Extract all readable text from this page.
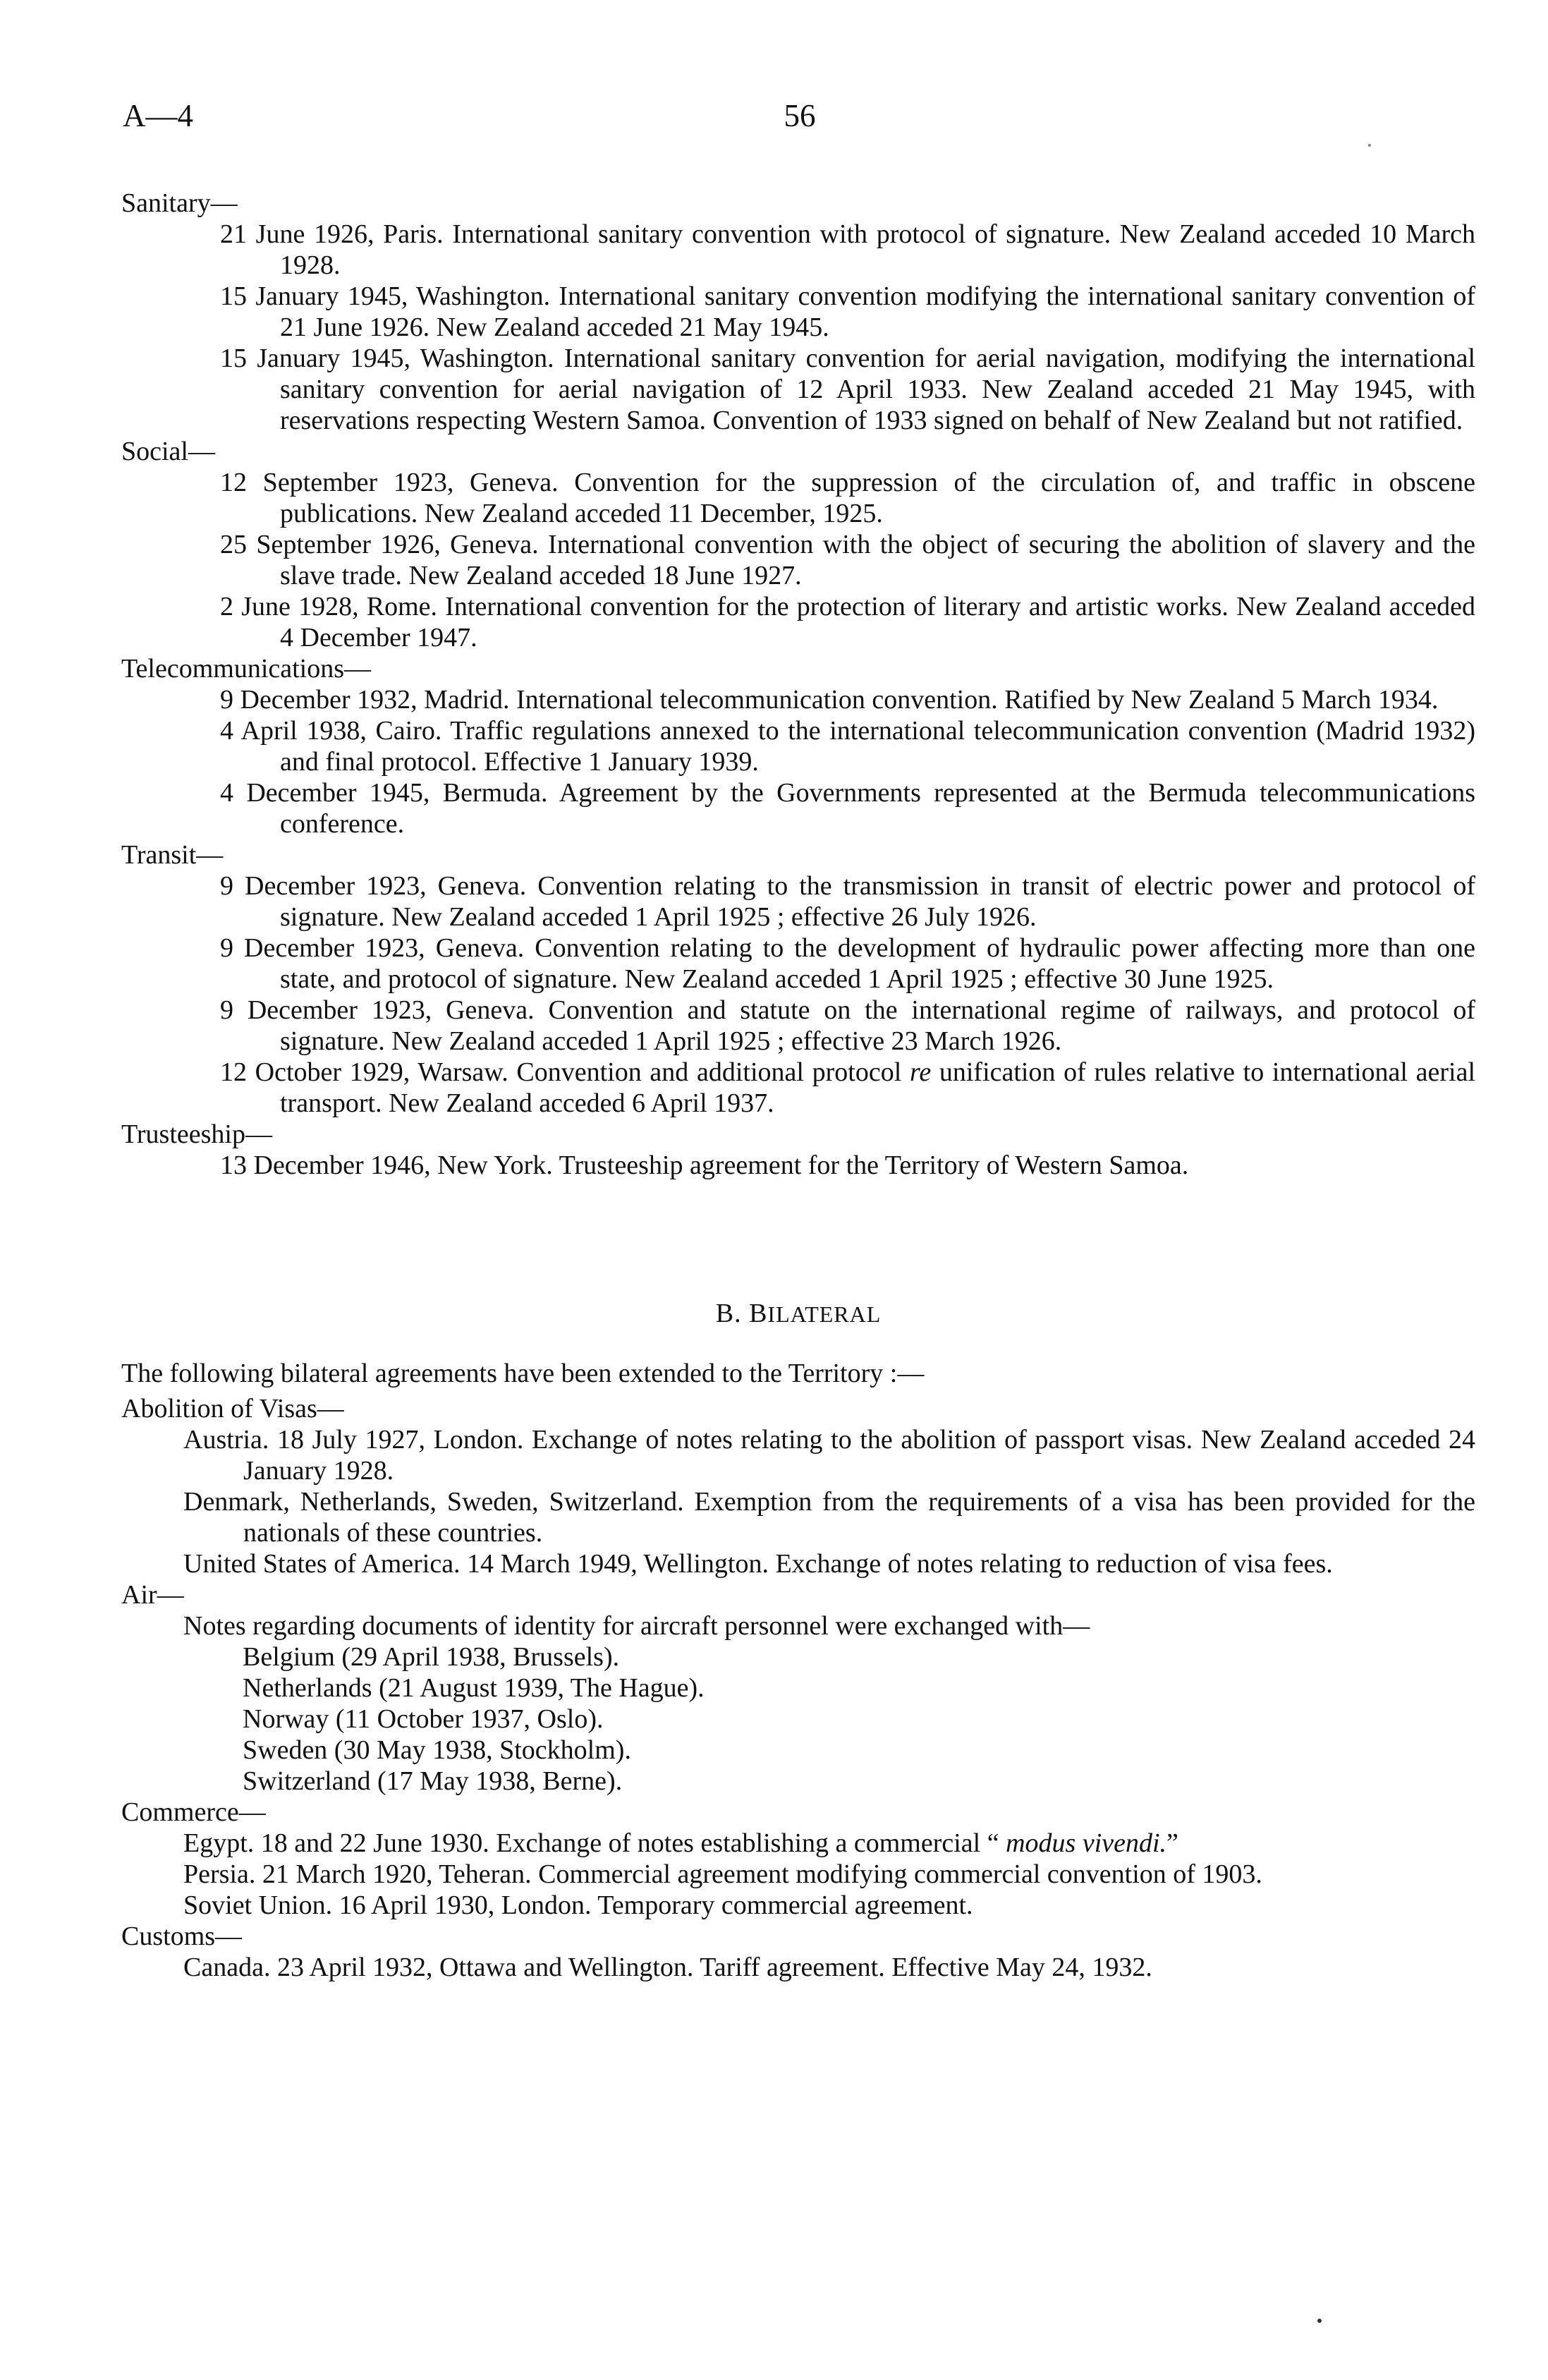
A—4	56

Sanitary—

21 June 1926, Paris. International sanitary convention with protocol of signature. New Zealand acceded 10 March 1928.

15 January 1945, Washington. International sanitary convention modifying the international sanitary convention of 21 June 1926. New Zealand acceded 21 May 1945.

15 January 1945, Washington. International sanitary convention for aerial navigation, modifying the international sanitary convention for aerial navigation of 12 April 1933. New Zealand acceded 21 May 1945, with reservations respecting Western Samoa. Convention of 1933 signed on behalf of New Zealand but not ratified.

Social—

12 September 1923, Geneva. Convention for the suppression of the circulation of, and traffic in obscene publications. New Zealand acceded 11 December, 1925.

25 September 1926, Geneva. International convention with the object of securing the abolition of slavery and the slave trade. New Zealand acceded 18 June 1927.

2 June 1928, Rome. International convention for the protection of literary and artistic works. New Zealand acceded 4 December 1947.

Telecommunications—

9 December 1932, Madrid. International telecommunication convention. Ratified by New Zealand 5 March 1934.

4 April 1938, Cairo. Traffic regulations annexed to the international telecommunication convention (Madrid 1932) and final protocol. Effective 1 January 1939.

4 December 1945, Bermuda. Agreement by the Governments represented at the Bermuda telecommunications conference.

Transit—

9 December 1923, Geneva. Convention relating to the transmission in transit of electric power and protocol of signature. New Zealand acceded 1 April 1925 ; effective 26 July 1926.

9 December 1923, Geneva. Convention relating to the development of hydraulic power affecting more than one state, and protocol of signature. New Zealand acceded 1 April 1925 ; effective 30 June 1925.

9 December 1923, Geneva. Convention and statute on the international regime of railways, and protocol of signature. New Zealand acceded 1 April 1925 ; effective 23 March 1926.

12 October 1929, Warsaw. Convention and additional protocol re unification of rules relative to international aerial transport. New Zealand acceded 6 April 1937.

Trusteeship—

13 December 1946, New York. Trusteeship agreement for the Territory of Western Samoa.

B. BILATERAL

The following bilateral agreements have been extended to the Territory :—

Abolition of Visas—

Austria. 18 July 1927, London. Exchange of notes relating to the abolition of passport visas. New Zealand acceded 24 January 1928.

Denmark, Netherlands, Sweden, Switzerland. Exemption from the requirements of a visa has been provided for the nationals of these countries.

United States of America. 14 March 1949, Wellington. Exchange of notes relating to reduction of visa fees.

Air—

Notes regarding documents of identity for aircraft personnel were exchanged with—

Belgium (29 April 1938, Brussels).

Netherlands (21 August 1939, The Hague).

Norway (11 October 1937, Oslo).

Sweden (30 May 1938, Stockholm).

Switzerland (17 May 1938, Berne).

Commerce—

Egypt. 18 and 22 June 1930. Exchange of notes establishing a commercial “ modus vivendi.”

Persia. 21 March 1920, Teheran. Commercial agreement modifying commercial convention of 1903.

Soviet Union. 16 April 1930, London. Temporary commercial agreement.

Customs—

Canada. 23 April 1932, Ottawa and Wellington. Tariff agreement. Effective May 24, 1932.
